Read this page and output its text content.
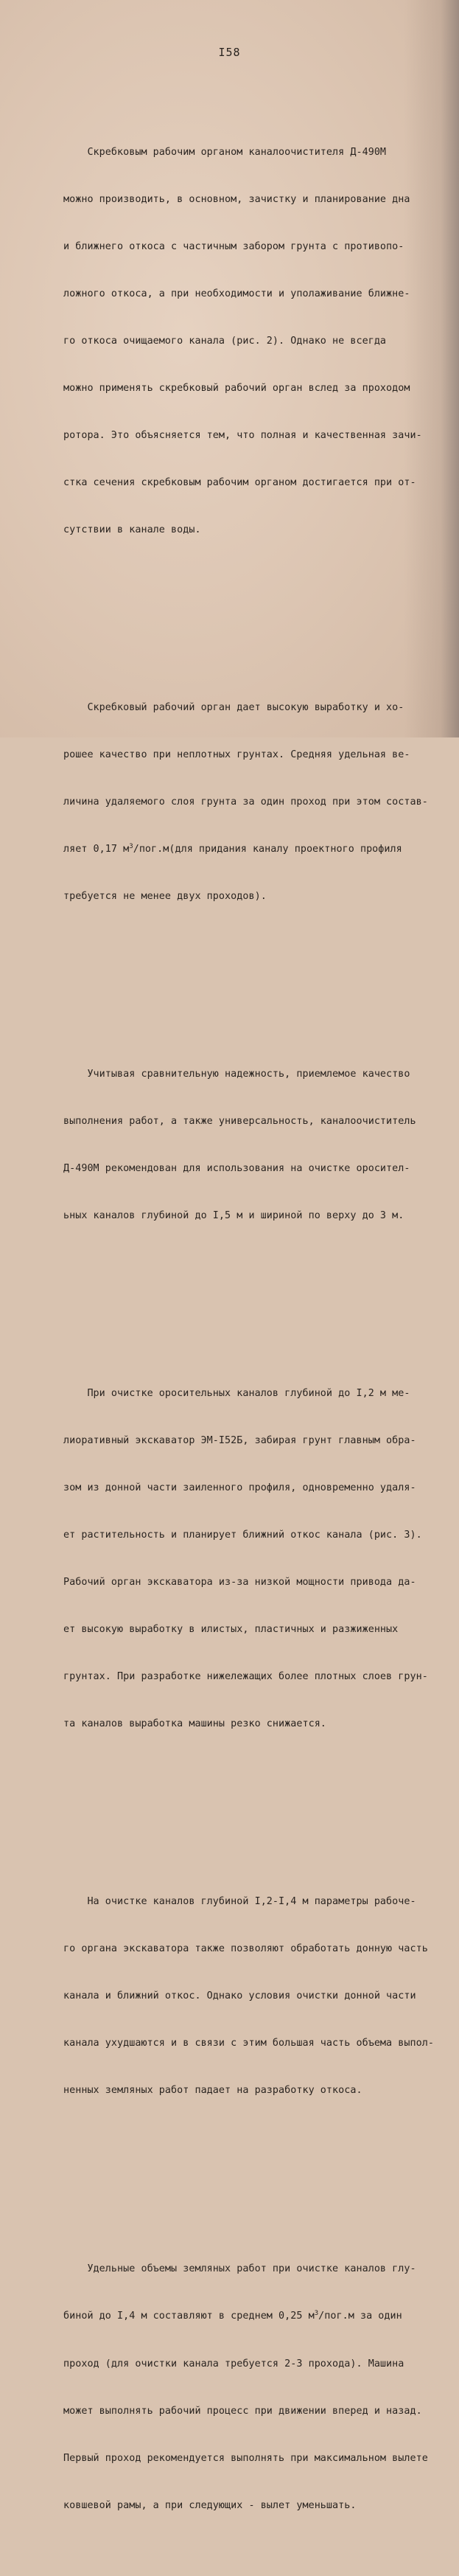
I58

Скребковым рабочим органом каналоочистителя Д-490М

можно производить, в основном, зачистку и планирование дна

и ближнего откоса с частичным забором грунта с противопо-

ложного откоса, а при необходимости и уполаживание ближне-

го откоса очищаемого канала (рис. 2). Однако не всегда

можно применять скребковый рабочий орган вслед за проходом

ротора. Это объясняется тем, что полная и качественная зачи-

стка сечения скребковым рабочим органом достигается при от-

сутствии в канале воды.

Скребковый рабочий орган дает высокую выработку и хо-

рошее качество при неплотных грунтах. Средняя удельная ве-

личина удаляемого слоя грунта за один проход при этом состав-

ляет 0,17 $м^3/пог.м(для$ придания каналу проектного профиля

требуется не менее двух проходов).

Учитывая сравнительную надежность, приемлемое качество

выполнения работ, а также универсальность, каналоочиститель

Д-490М рекомендован для использования на очистке оросител-

ьных каналов глубиной до I,5 м и шириной по верху до 3 м.

При очистке оросительных каналов глубиной до I,2 м ме-

лиоративный экскаватор ЭМ-I52Б, забирая грунт главным обра-

зом из донной части заиленного профиля, одновременно удаля-

ет растительность и планирует ближний откос канала (рис. 3).

Рабочий орган экскаватора из-за низкой мощности привода да-

ет высокую выработку в илистых, пластичных и разжиженных

грунтах. При разработке нижележащих более плотных слоев грун-

та каналов выработка машины резко снижается.

На очистке каналов глубиной I,2-I,4 м параметры рабоче-

го органа экскаватора также позволяют обработать донную часть

канала и ближний откос. Однако условия очистки донной части

канала ухудшаются и в связи с этим большая часть объема выпол-

ненных земляных работ падает на разработку откоса.

Удельные объемы земляных работ при очистке каналов глу-

биной до I,4 м составляют в среднем 0,25 $м^3/пог.м$ за один

проход (для очистки канала требуется 2-3 прохода). Машина

может выполнять рабочий процесс при движении вперед и назад.

Первый проход рекомендуется выполнять при максимальном вылете

ковшевой рамы, а при следующих - вылет уменьшать.
